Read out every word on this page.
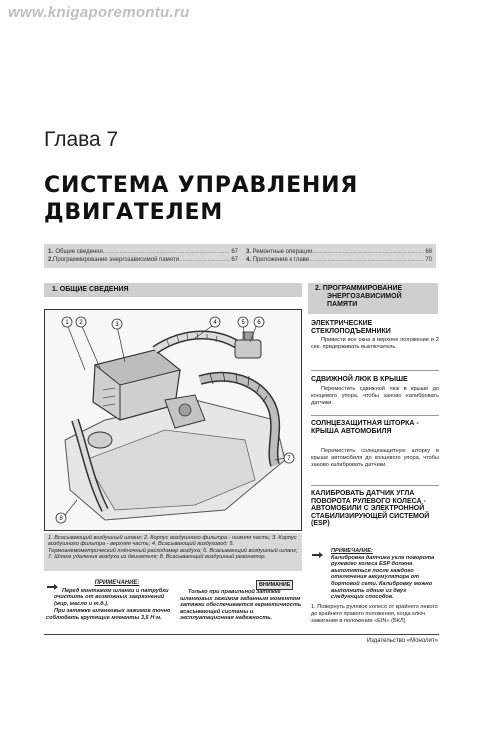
www.knigaporemontu.ru
Глава 7
СИСТЕМА УПРАВЛЕНИЯ
ДВИГАТЕЛЕМ
1. Общие сведения .....	67
2. Программирование энергозависимой памяти .....	67
3. Ремонтные операции .....	68
4. Приложение к главе .....	70
1. ОБЩИЕ СВЕДЕНИЯ	2. ПРОГРАММИРОВАНИЕ
ЭНЕРГОЗАВИСИМОЙ
ПАМЯТИ
1 2	3	4	5 6
7
8
1. Всасывающий воздушный шланг; 2. Корпус воздушного фильтра - нижняя часть; 3. Корпус воздушного фильтра - верхняя часть; 4. Всасывающий воздуховод; 5. Термоанемометрический плёночный расходомер воздуха; 6. Всасывающий воздушный шланг; 7. Шланг удаления воздуха из двигателя; 8. Всасывающий воздушный резонатор.
ПРИМЕЧАНИЕ:

Перед монтажом шланги и патрубки очистить от возможных загрязнений (жир, масло и т.д.).

При затяжке шланговых зажимов точно соблюдать крутящие моменты 3,5 Н·м.

ВНИМАНИЕ

Только при правильной затяжке шланговых зажимов заданным моментом затяжки обеспечивается герметичность всасывающей системы и эксплуатационная надежность.

ЭЛЕКТРИЧЕСКИЕ СТЕКЛОПОДЪЕМНИКИ
Привести все окна в верхнее положение и 2 сек. придерживать выключатель.
СДВИЖНОЙ ЛЮК В КРЫШЕ
Переместить сдвижной люк в крыше до концевого упора, чтобы заново калибровать датчики.
СОЛНЦЕЗАЩИТНАЯ ШТОРКА - КРЫША АВТОМОБИЛЯ
Переместить солнцезащитную шторку в крыше автомобиля до концевого упора, чтобы заново калибровать датчики.
КАЛИБРОВАТЬ ДАТЧИК УГЛА ПОВОРОТА РУЛЕВОГО КОЛЕСА - АВТОМОБИЛИ С ЭЛЕКТРОННОЙ СТАБИЛИЗИРУЮЩЕЙ СИСТЕМОЙ (ESP)
ПРИМЕЧАНИЕ:
Калибровка датчика угла поворота рулевого колеса ESP должна выполняться после каждого отключения аккумулятора от бортовой сети. Калибровку можно выполнить одним из двух следующих способов.
1. Повернуть рулевое колесо от крайнего левого до крайнего правого положения, когда ключ зажигания в положении «EIN» (ВКЛ)
Издательство «Монолит»
